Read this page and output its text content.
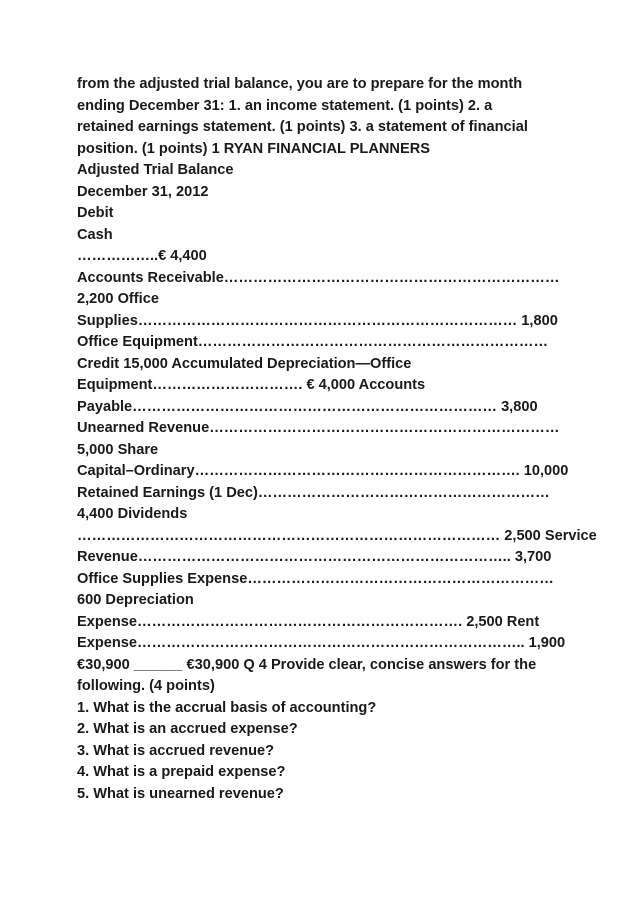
from the adjusted trial balance, you are to prepare for the month
ending December 31: 1. an income statement. (1 points) 2. a
retained earnings statement. (1 points) 3. a statement of financial
position. (1 points) 1 RYAN FINANCIAL PLANNERS
Adjusted Trial Balance
December 31, 2012
Debit
Cash
……………..€ 4,400
Accounts Receivable……………………………………………………………
2,200 Office
Supplies…………………………………………………………………… 1,800
Office Equipment………………………………………………………………
Credit 15,000 Accumulated Depreciation—Office
Equipment…………………………. € 4,000 Accounts
Payable………………………………………………………………… 3,800
Unearned Revenue………………………………………………………………
5,000 Share
Capital–Ordinary…………………………………………………………. 10,000
Retained Earnings (1 Dec)……………………………………………………
4,400 Dividends
…………………………………………………………………………… 2,500 Service
Revenue………………………………………………………………….. 3,700
Office Supplies Expense………………………………………………………
600 Depreciation
Expense…………………………………………………………. 2,500 Rent
Expense…………………………………………………………………….. 1,900
€30,900 ______ €30,900 Q 4 Provide clear, concise answers for the
following. (4 points)
1. What is the accrual basis of accounting?
2. What is an accrued expense?
3. What is accrued revenue?
4. What is a prepaid expense?
5. What is unearned revenue?
